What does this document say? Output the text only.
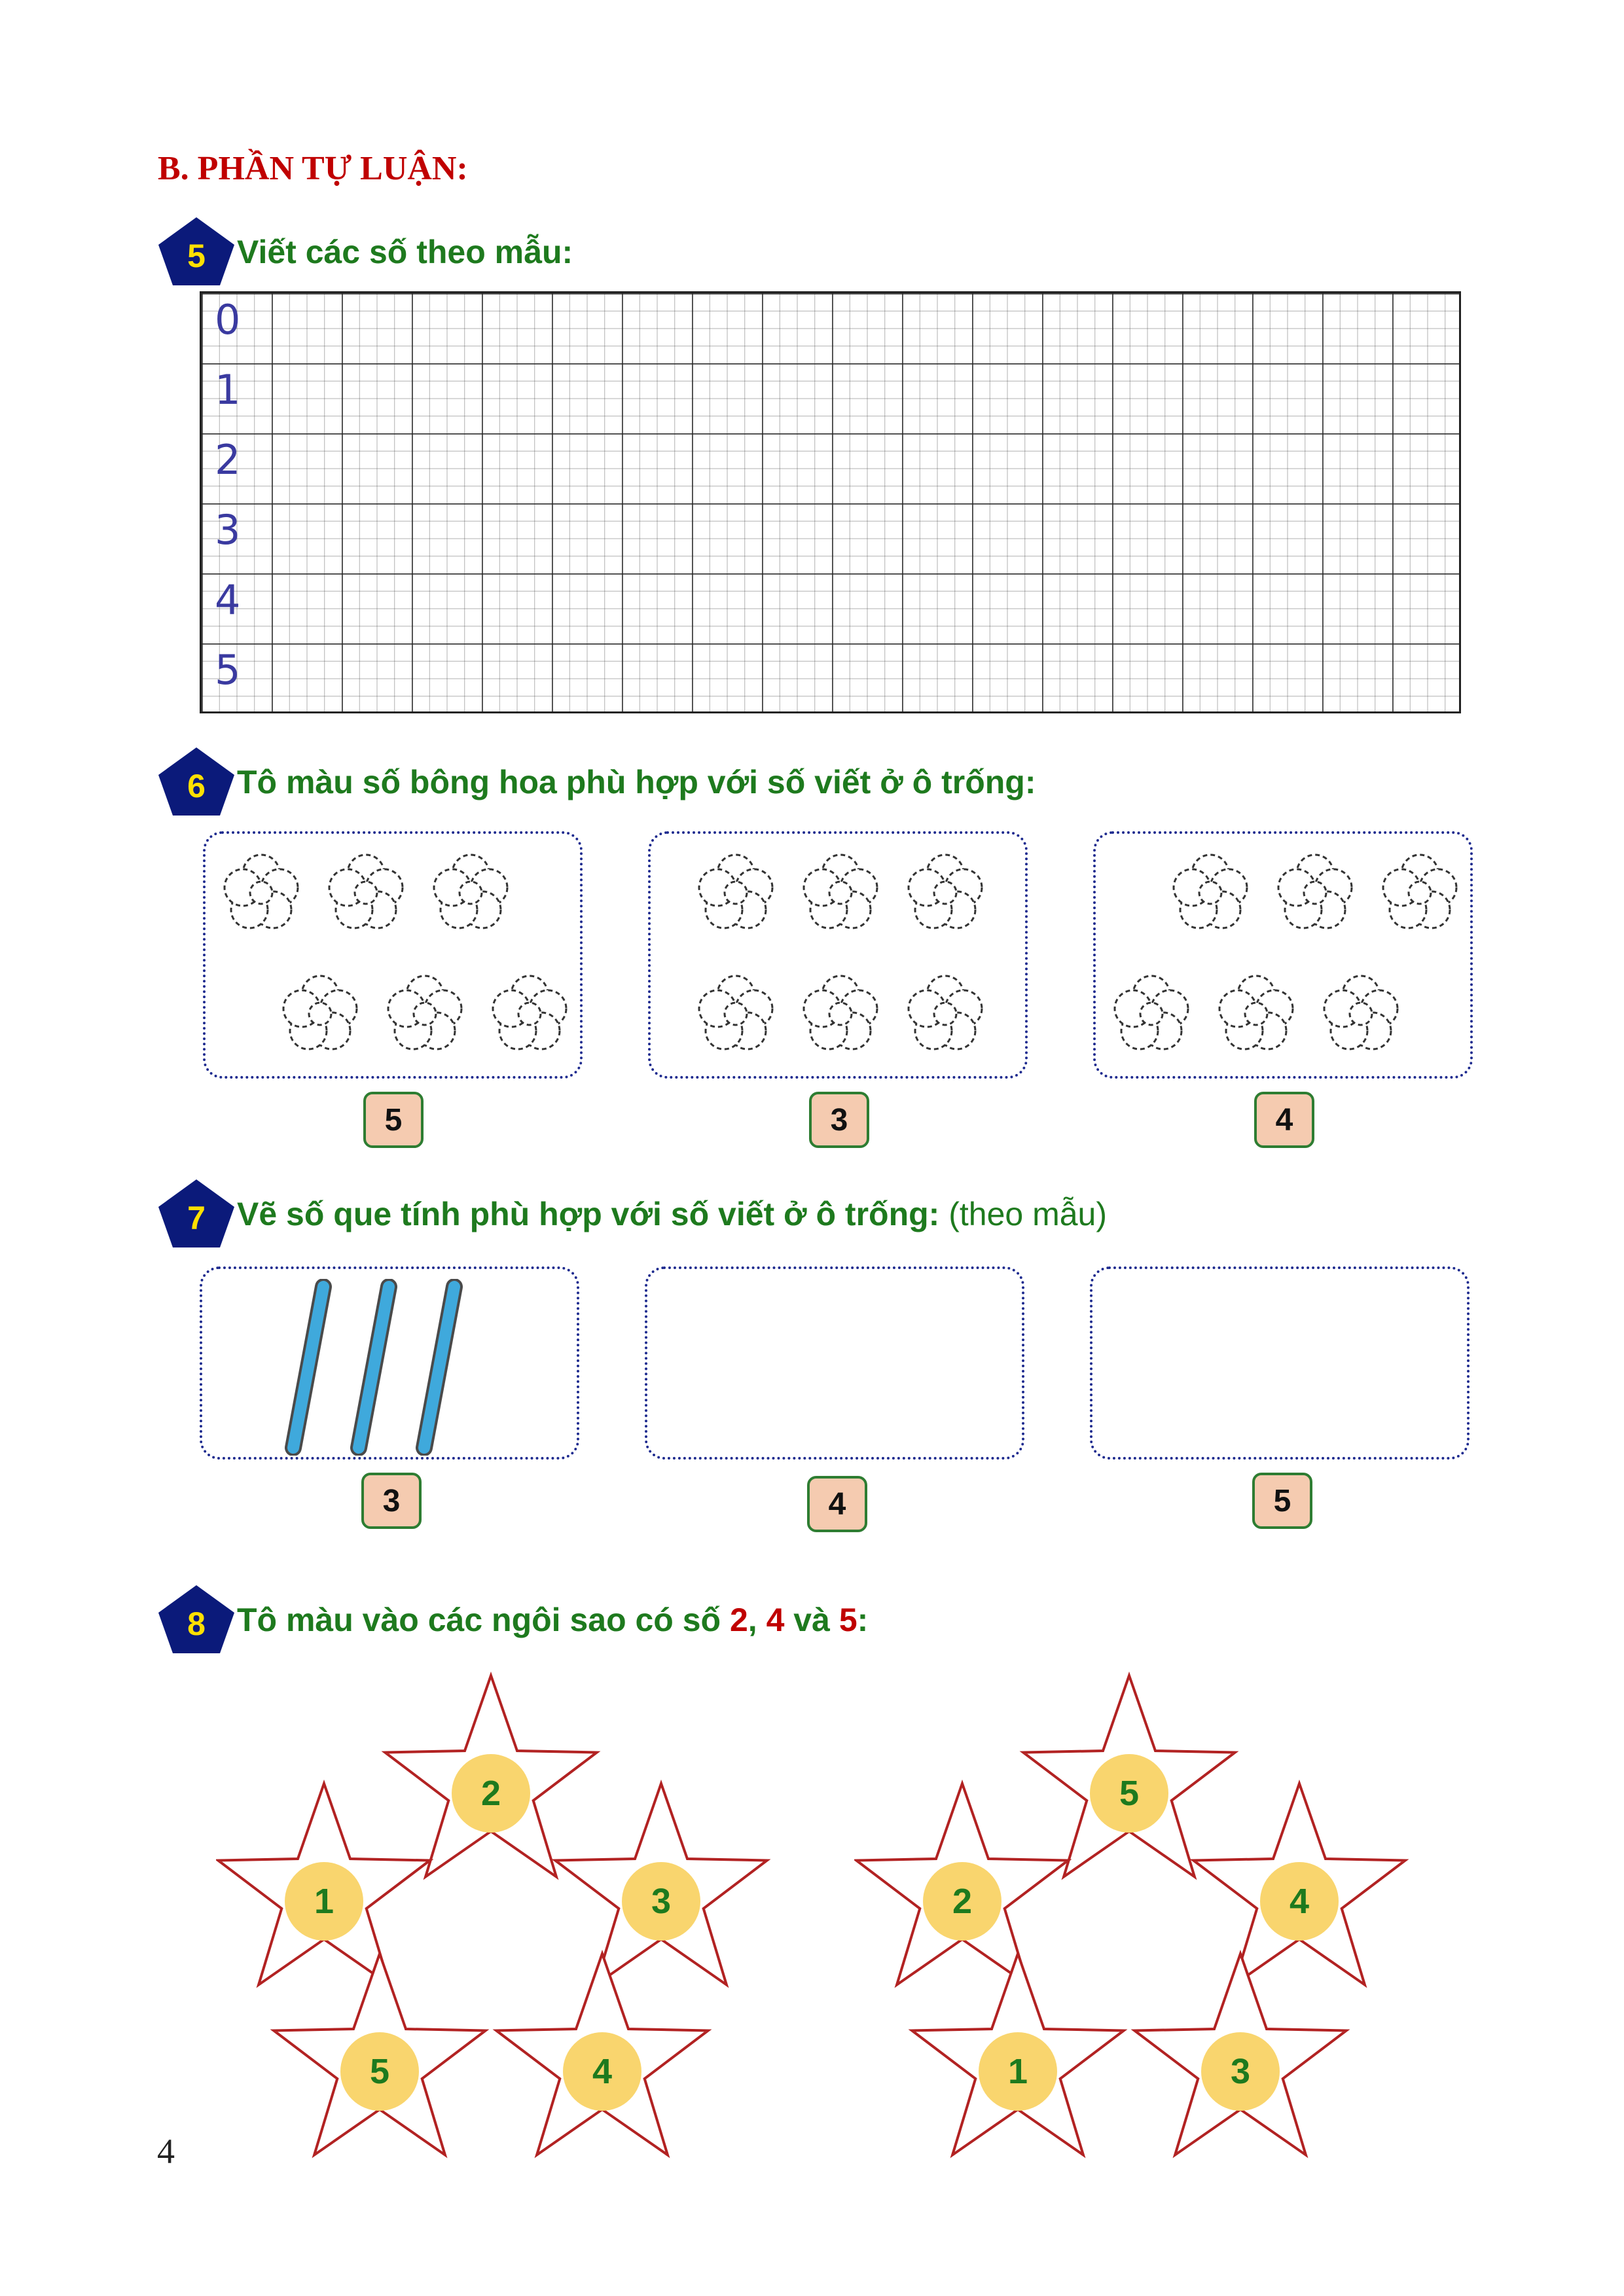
B. PHẦN TỰ LUẬN:
5 Viết các số theo mẫu:
0
1
2
3
4
5
6 Tô màu số bông hoa phù hợp với số viết ở ô trống:
5	3	4
7 Vẽ số que tính phù hợp với số viết ở ô trống: (theo mẫu)
3	4	5
8 Tô màu vào các ngôi sao có số 2, 4 và 5:
2
1	3
5	4
5
2	4
1	3
4
